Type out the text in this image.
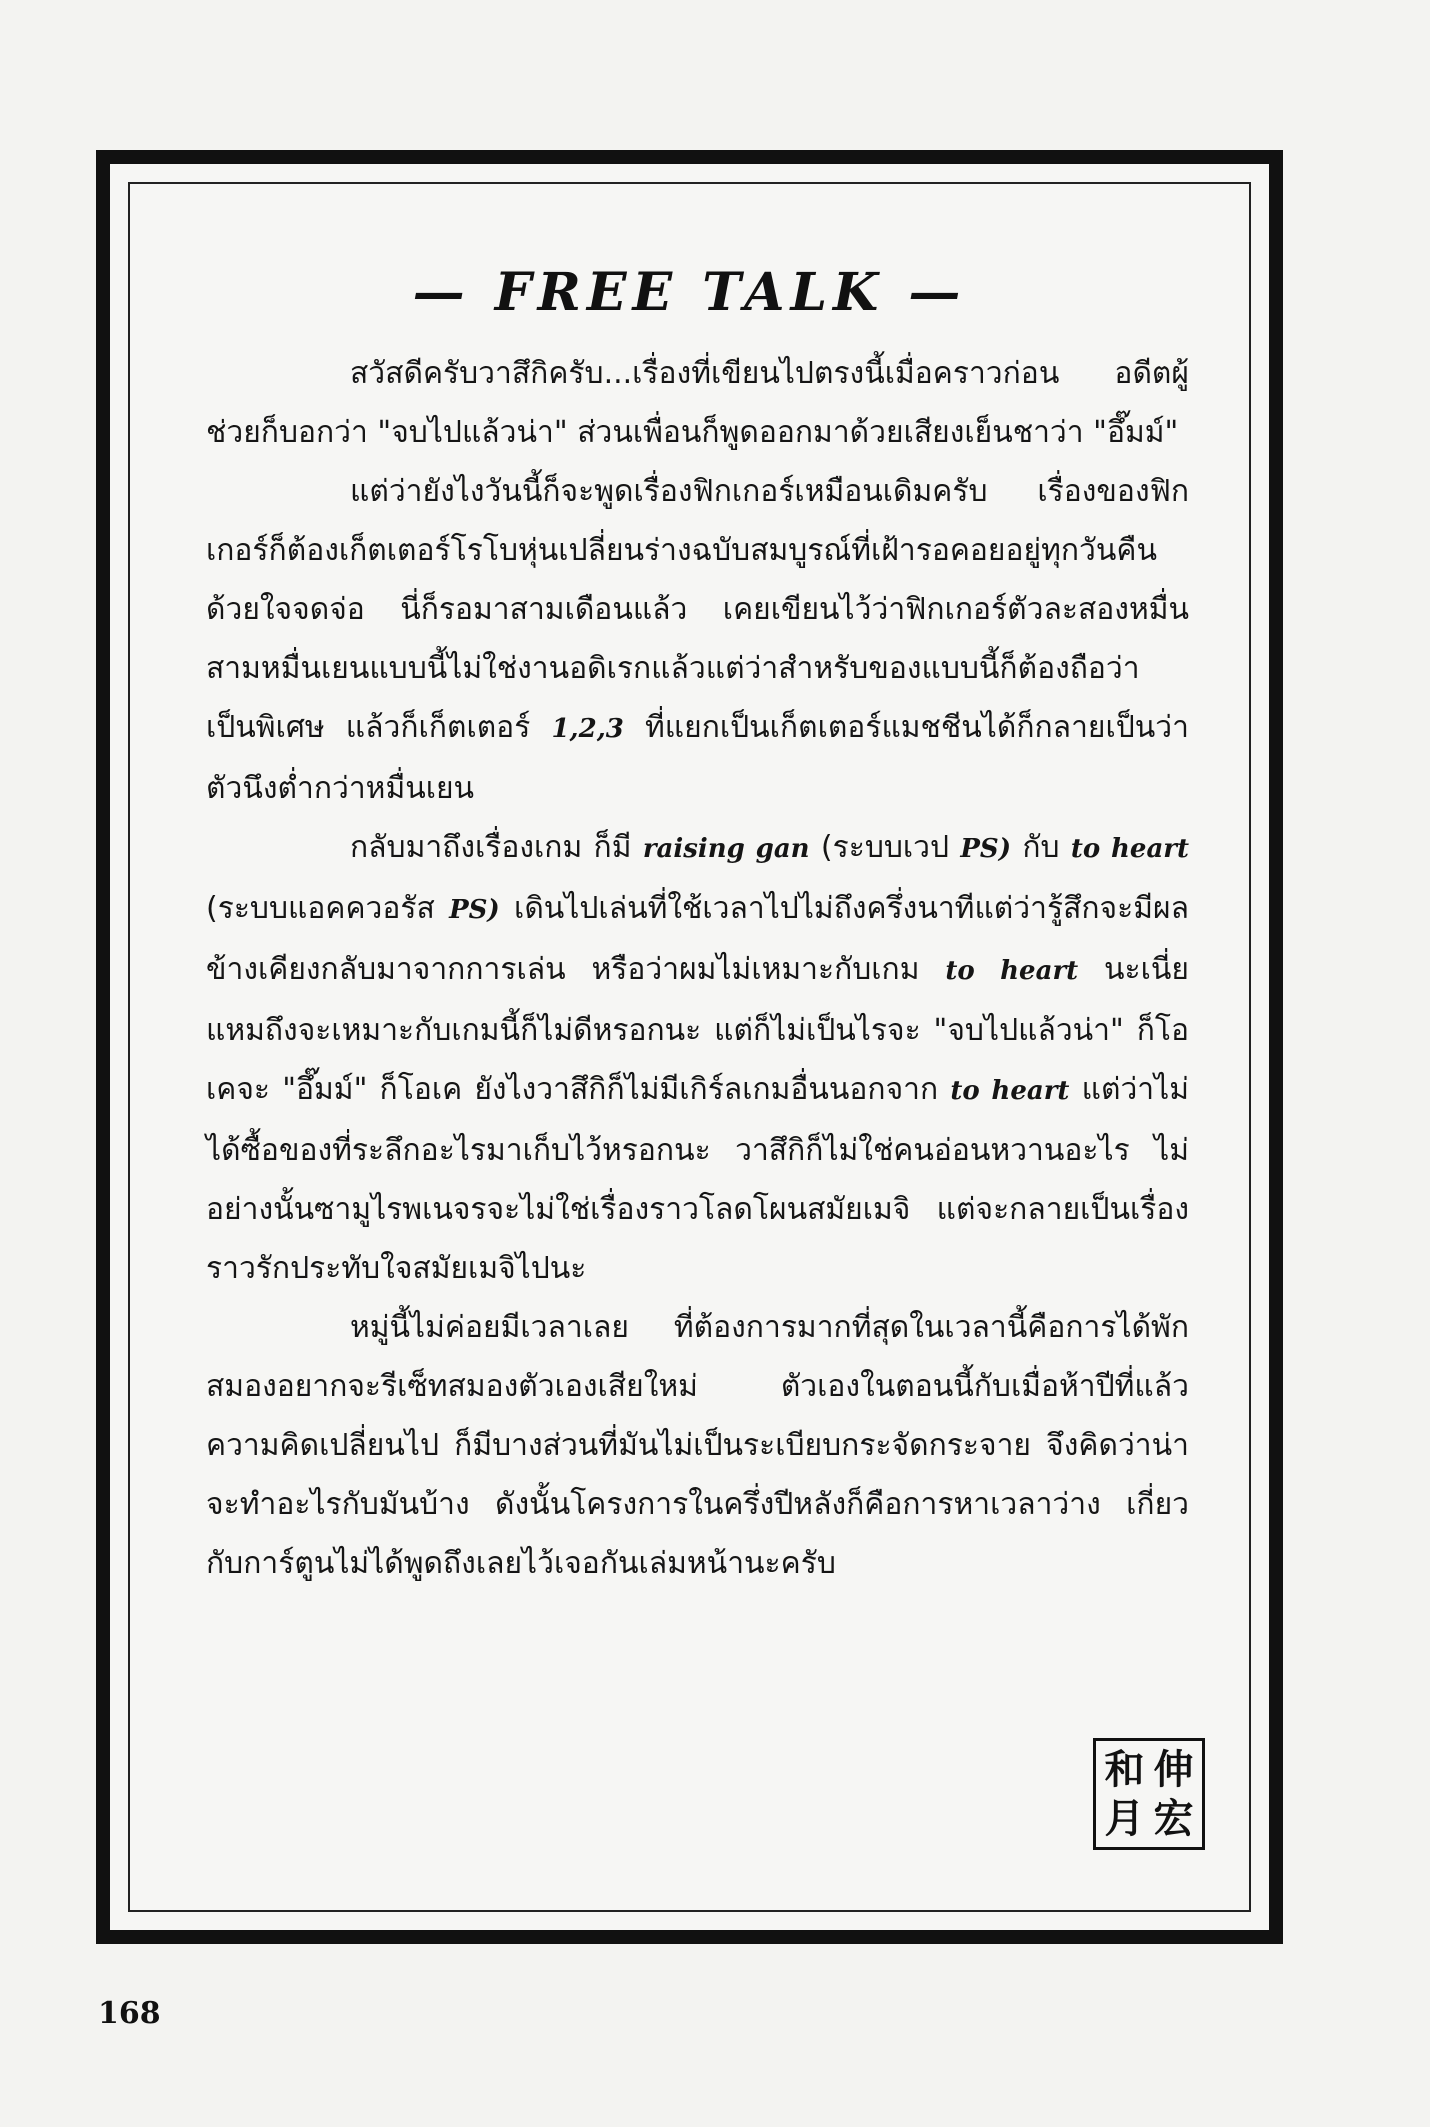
— FREE TALK —

สวัสดีครับวาสึกิครับ...เรื่องที่เขียนไปตรงนี้เมื่อคราวก่อน อดีตผู้ช่วยก็บอกว่า "จบไปแล้วน่า" ส่วนเพื่อนก็พูดออกมาด้วยเสียงเย็นชาว่า "อึ๊มม์"

แต่ว่ายังไงวันนี้ก็จะพูดเรื่องฟิกเกอร์เหมือนเดิมครับ เรื่องของฟิกเกอร์ก็ต้องเก็ตเตอร์โรโบหุ่นเปลี่ยนร่างฉบับสมบูรณ์ที่เฝ้ารอคอยอยู่ทุกวันคืนด้วยใจจดจ่อ นี่ก็รอมาสามเดือนแล้ว เคยเขียนไว้ว่าฟิกเกอร์ตัวละสองหมื่นสามหมื่นเยนแบบนี้ไม่ใช่งานอดิเรกแล้วแต่ว่าสำหรับของแบบนี้ก็ต้องถือว่าเป็นพิเศษ แล้วก็เก็ตเตอร์ 1,2,3 ที่แยกเป็นเก็ตเตอร์แมชชีนได้ก็กลายเป็นว่าตัวนึงต่ำกว่าหมื่นเยน

กลับมาถึงเรื่องเกม ก็มี raising gan (ระบบเวป PS) กับ to heart (ระบบแอคควอรัส PS) เดินไปเล่นที่ใช้เวลาไปไม่ถึงครึ่งนาทีแต่ว่ารู้สึกจะมีผลข้างเคียงกลับมาจากการเล่น หรือว่าผมไม่เหมาะกับเกม to heart นะเนี่ย แหมถึงจะเหมาะกับเกมนี้ก็ไม่ดีหรอกนะ แต่ก็ไม่เป็นไรจะ "จบไปแล้วน่า" ก็โอเคจะ "อึ๊มม์" ก็โอเค ยังไงวาสึกิก็ไม่มีเกิร์ลเกมอื่นนอกจาก to heart แต่ว่าไม่ได้ซื้อของที่ระลึกอะไรมาเก็บไว้หรอกนะ วาสึกิก็ไม่ใช่คนอ่อนหวานอะไร ไม่อย่างนั้นซามูไรพเนจรจะไม่ใช่เรื่องราวโลดโผนสมัยเมจิ แต่จะกลายเป็นเรื่องราวรักประทับใจสมัยเมจิไปนะ

หมู่นี้ไม่ค่อยมีเวลาเลย ที่ต้องการมากที่สุดในเวลานี้คือการได้พักสมองอยากจะรีเซ็ทสมองตัวเองเสียใหม่ ตัวเองในตอนนี้กับเมื่อห้าปีที่แล้วความคิดเปลี่ยนไป ก็มีบางส่วนที่มันไม่เป็นระเบียบกระจัดกระจาย จึงคิดว่าน่าจะทำอะไรกับมันบ้าง ดังนั้นโครงการในครึ่งปีหลังก็คือการหาเวลาว่าง เกี่ยวกับการ์ตูนไม่ได้พูดถึงเลยไว้เจอกันเล่มหน้านะครับ

和 伸
月 宏
168
